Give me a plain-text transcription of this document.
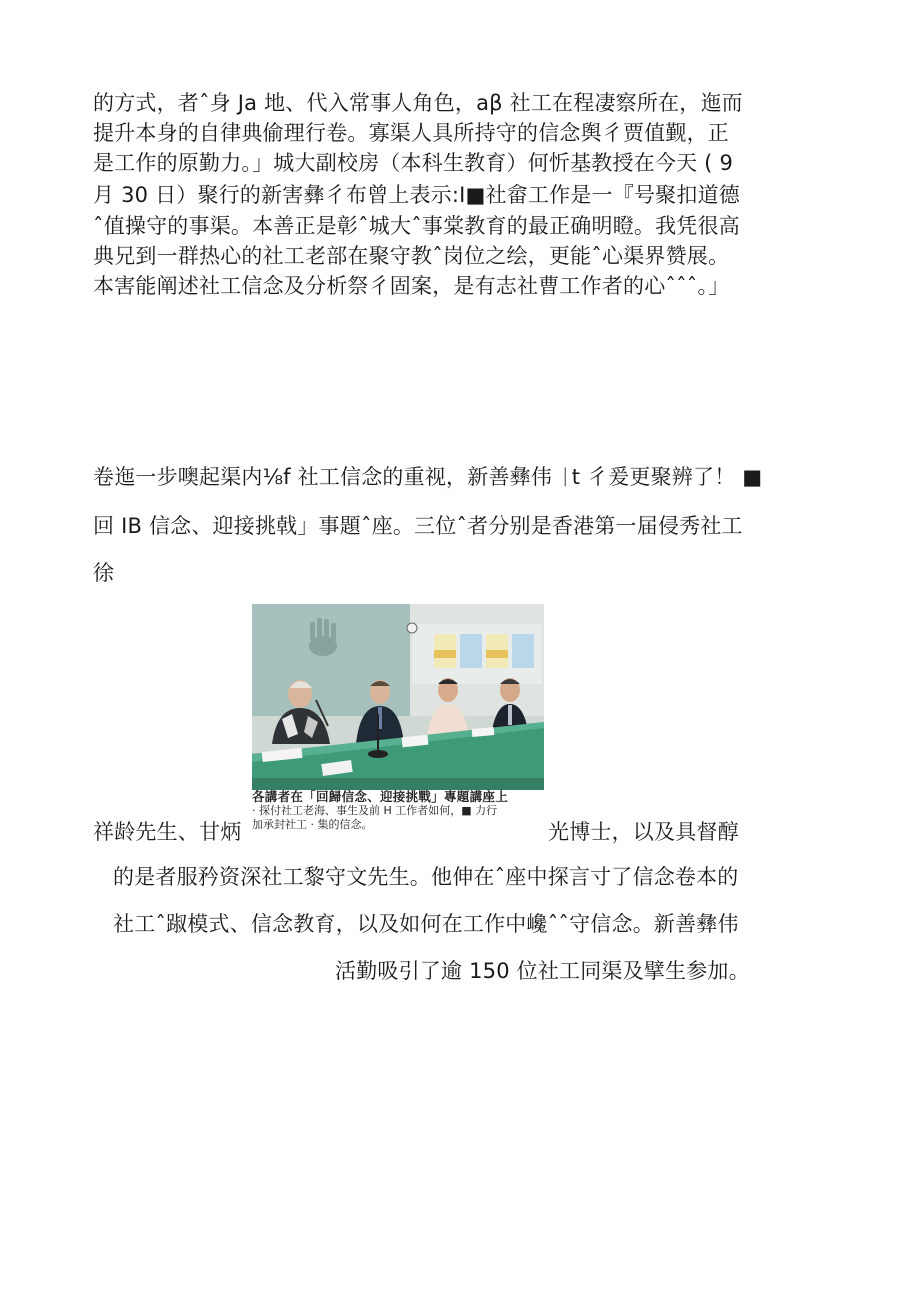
的方式，者ˆ身 Ja 地、代入常事人角色，aβ 社工在程凄察所在，迤而
提升本身的自律典偷理行卷。寡渠人具所持守的信念舆彳贾值觐，正
是工作的原勤力。」城大副校房（本科生教育）何忻基教授在今天 ( 9
月 30 日）聚行的新害彝彳布曾上表示:I■社畲工作是一『号聚扣道德
ˆ值操守的事渠。本善正是彰ˆ城大ˆ事棠教育的最正确明瞪。我凭很高
典兄到一群热心的社工老部在聚守教ˆ岗位之绘，更能ˆ心渠界赞展。
本害能阐述社工信念及分析祭彳固案，是有志社曹工作者的心ˆˆˆ。」
卷迤一步噢起渠内⅛f 社工信念的重视，新善彝伟 ᛁt 彳爰更聚辨了！ ■
回 IB 信念、迎接挑戟」事題ˆ座。三位ˆ者分别是香港第一届侵秀社工
徐
各講者在「回歸信念、迎接挑戰」專題講座上
· 探付社工老海、事生及前 H 工作者如何，■ 力行
加承封社工 · 集的信念。
祥龄先生、甘炳	光博士，以及具督醇
的是者服矜资深社工黎守文先生。他伸在ˆ座中探言寸了信念卷本的
社工ˆ踧模式、信念教育，以及如何在工作中巉ˆˆ守信念。新善彝伟
活勤吸引了逾 150 位社工同渠及擘生参加。
